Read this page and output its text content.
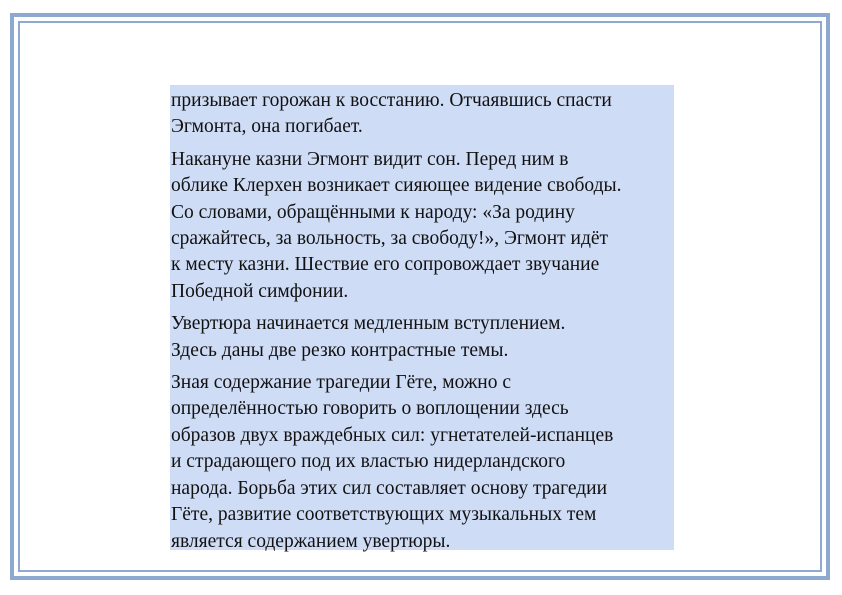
призывает горожан к восстанию. Отчаявшись спасти
Эгмонта, она погибает.

Накануне казни Эгмонт видит сон. Перед ним в
облике Клерхен возникает сияющее видение свободы.
Со словами, обращёнными к народу: «За родину
сражайтесь, за вольность, за свободу!», Эгмонт идёт
к месту казни. Шествие его сопровождает звучание
Победной симфонии.

Увертюра начинается медленным вступлением.
Здесь даны две резко контрастные темы.

Зная содержание трагедии Гёте, можно с
определённостью говорить о воплощении здесь
образов двух враждебных сил: угнетателей-испанцев
и страдающего под их властью нидерландского
народа. Борьба этих сил составляет основу трагедии
Гёте, развитие соответствующих музыкальных тем
является содержанием увертюры.
